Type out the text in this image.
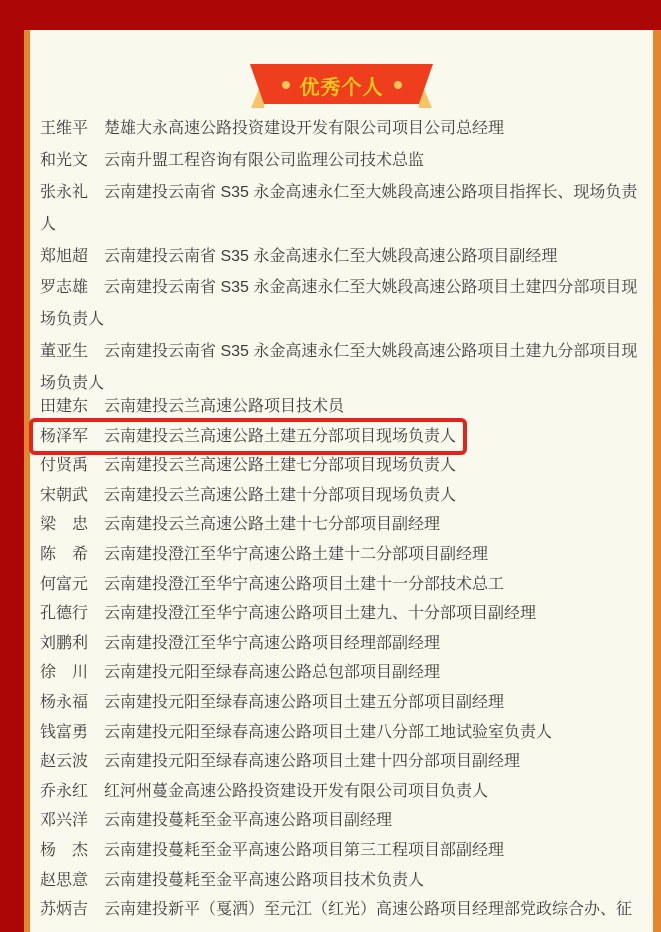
优秀个人
王维平 楚雄大永高速公路投资建设开发有限公司项目公司总经理
和光文 云南升盟工程咨询有限公司监理公司技术总监
张永礼 云南建投云南省 S35 永金高速永仁至大姚段高速公路项目指挥长、现场负责
人
郑旭超 云南建投云南省 S35 永金高速永仁至大姚段高速公路项目副经理
罗志雄 云南建投云南省 S35 永金高速永仁至大姚段高速公路项目土建四分部项目现
场负责人
董亚生 云南建投云南省 S35 永金高速永仁至大姚段高速公路项目土建九分部项目现
场负责人
田建东 云南建投云兰高速公路项目技术员
杨泽军 云南建投云兰高速公路土建五分部项目现场负责人
付贤禹 云南建投云兰高速公路土建七分部项目现场负责人
宋朝武 云南建投云兰高速公路土建十分部项目现场负责人
梁　忠 云南建投云兰高速公路土建十七分部项目副经理
陈　希 云南建投澄江至华宁高速公路土建十二分部项目副经理
何富元 云南建投澄江至华宁高速公路项目土建十一分部技术总工
孔德行 云南建投澄江至华宁高速公路项目土建九、十分部项目副经理
刘鹏利 云南建投澄江至华宁高速公路项目经理部副经理
徐　川 云南建投元阳至绿春高速公路总包部项目副经理
杨永福 云南建投元阳至绿春高速公路项目土建五分部项目副经理
钱富勇 云南建投元阳至绿春高速公路项目土建八分部工地试验室负责人
赵云波 云南建投元阳至绿春高速公路项目土建十四分部项目副经理
乔永红 红河州蔓金高速公路投资建设开发有限公司项目负责人
邓兴洋 云南建投蔓耗至金平高速公路项目副经理
杨　杰 云南建投蔓耗至金平高速公路项目第三工程项目部副经理
赵思意 云南建投蔓耗至金平高速公路项目技术负责人
苏炳吉 云南建投新平（戛洒）至元江（红光）高速公路项目经理部党政综合办、征
